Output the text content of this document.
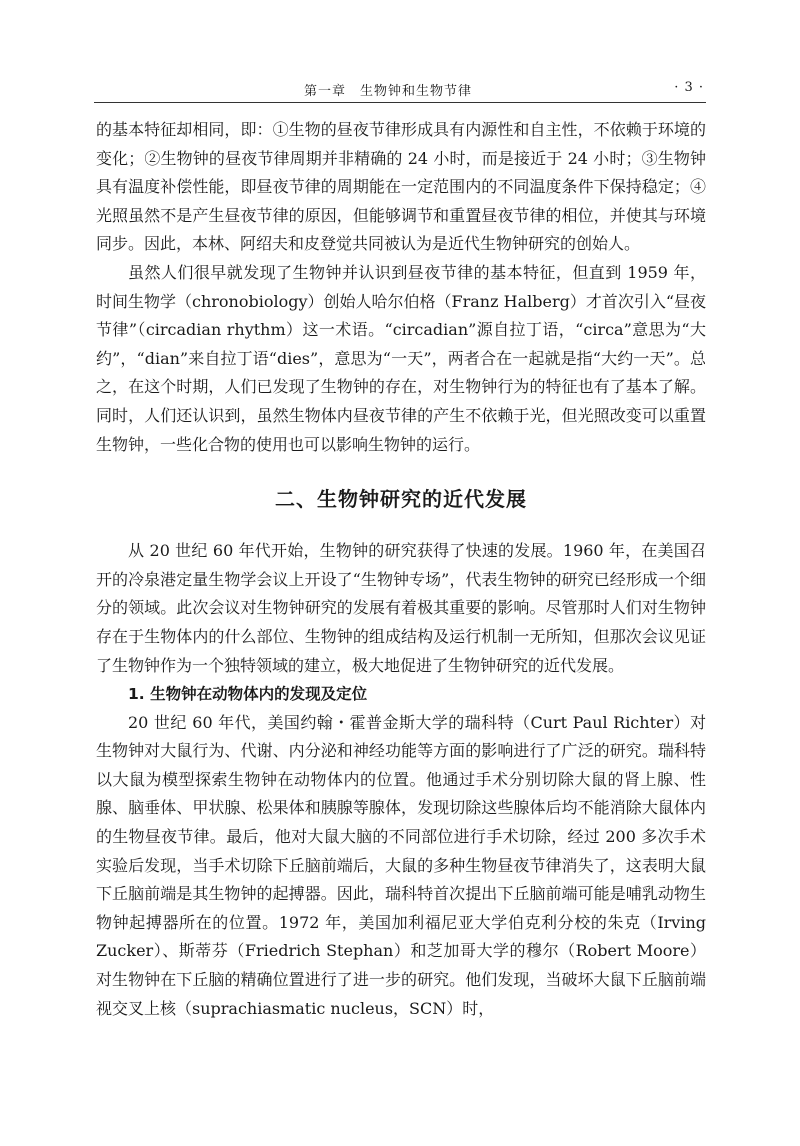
第一章　生物钟和生物节律	· 3 ·

的基本特征却相同，即：①生物的昼夜节律形成具有内源性和自主性，不依赖于环境的变化；②生物钟的昼夜节律周期并非精确的 24 小时，而是接近于 24 小时；③生物钟具有温度补偿性能，即昼夜节律的周期能在一定范围内的不同温度条件下保持稳定；④光照虽然不是产生昼夜节律的原因，但能够调节和重置昼夜节律的相位，并使其与环境同步。因此，本林、阿绍夫和皮登觉共同被认为是近代生物钟研究的创始人。

虽然人们很早就发现了生物钟并认识到昼夜节律的基本特征，但直到 1959 年，时间生物学（chronobiology）创始人哈尔伯格（Franz Halberg）才首次引入“昼夜节律”（circadian rhythm）这一术语。“circadian”源自拉丁语，“circa”意思为“大约”，“dian”来自拉丁语“dies”，意思为“一天”，两者合在一起就是指“大约一天”。总之，在这个时期，人们已发现了生物钟的存在，对生物钟行为的特征也有了基本了解。同时，人们还认识到，虽然生物体内昼夜节律的产生不依赖于光，但光照改变可以重置生物钟，一些化合物的使用也可以影响生物钟的运行。

二、生物钟研究的近代发展

从 20 世纪 60 年代开始，生物钟的研究获得了快速的发展。1960 年，在美国召开的冷泉港定量生物学会议上开设了“生物钟专场”，代表生物钟的研究已经形成一个细分的领域。此次会议对生物钟研究的发展有着极其重要的影响。尽管那时人们对生物钟存在于生物体内的什么部位、生物钟的组成结构及运行机制一无所知，但那次会议见证了生物钟作为一个独特领域的建立，极大地促进了生物钟研究的近代发展。

1. 生物钟在动物体内的发现及定位

20 世纪 60 年代，美国约翰・霍普金斯大学的瑞科特（Curt Paul Richter）对生物钟对大鼠行为、代谢、内分泌和神经功能等方面的影响进行了广泛的研究。瑞科特以大鼠为模型探索生物钟在动物体内的位置。他通过手术分别切除大鼠的肾上腺、性腺、脑垂体、甲状腺、松果体和胰腺等腺体，发现切除这些腺体后均不能消除大鼠体内的生物昼夜节律。最后，他对大鼠大脑的不同部位进行手术切除，经过 200 多次手术实验后发现，当手术切除下丘脑前端后，大鼠的多种生物昼夜节律消失了，这表明大鼠下丘脑前端是其生物钟的起搏器。因此，瑞科特首次提出下丘脑前端可能是哺乳动物生物钟起搏器所在的位置。1972 年，美国加利福尼亚大学伯克利分校的朱克（Irving Zucker）、斯蒂芬（Friedrich Stephan）和芝加哥大学的穆尔（Robert Moore）对生物钟在下丘脑的精确位置进行了进一步的研究。他们发现，当破坏大鼠下丘脑前端视交叉上核（suprachiasmatic nucleus，SCN）时，
